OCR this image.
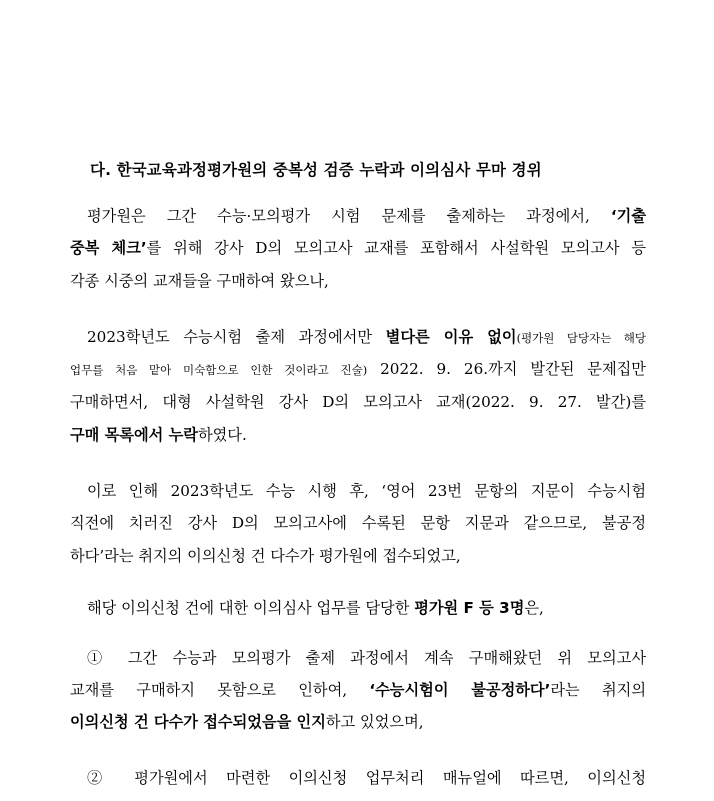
다. 한국교육과정평가원의 중복성 검증 누락과 이의심사 무마 경위
평가원은 그간 수능·모의평가 시험 문제를 출제하는 과정에서, ‘기출
중복 체크’를 위해 강사 D의 모의고사 교재를 포함해서 사설학원 모의고사 등
각종 시중의 교재들을 구매하여 왔으나,
2023학년도 수능시험 출제 과정에서만 별다른 이유 없이(평가원 담당자는 해당
업무를 처음 맡아 미숙함으로 인한 것이라고 진술) 2022. 9. 26.까지 발간된 문제집만
구매하면서, 대형 사설학원 강사 D의 모의고사 교재(2022. 9. 27. 발간)를
구매 목록에서 누락하였다.
이로 인해 2023학년도 수능 시행 후, ‘영어 23번 문항의 지문이 수능시험
직전에 치러진 강사 D의 모의고사에 수록된 문항 지문과 같으므로, 불공정
하다’라는 취지의 이의신청 건 다수가 평가원에 접수되었고,
해당 이의신청 건에 대한 이의심사 업무를 담당한 평가원 F 등 3명은,
① 그간 수능과 모의평가 출제 과정에서 계속 구매해왔던 위 모의고사
교재를 구매하지 못함으로 인하여, ‘수능시험이 불공정하다’라는 취지의
이의신청 건 다수가 접수되었음을 인지하고 있었으며,
② 평가원에서 마련한 이의신청 업무처리 매뉴얼에 따르면, 이의신청
